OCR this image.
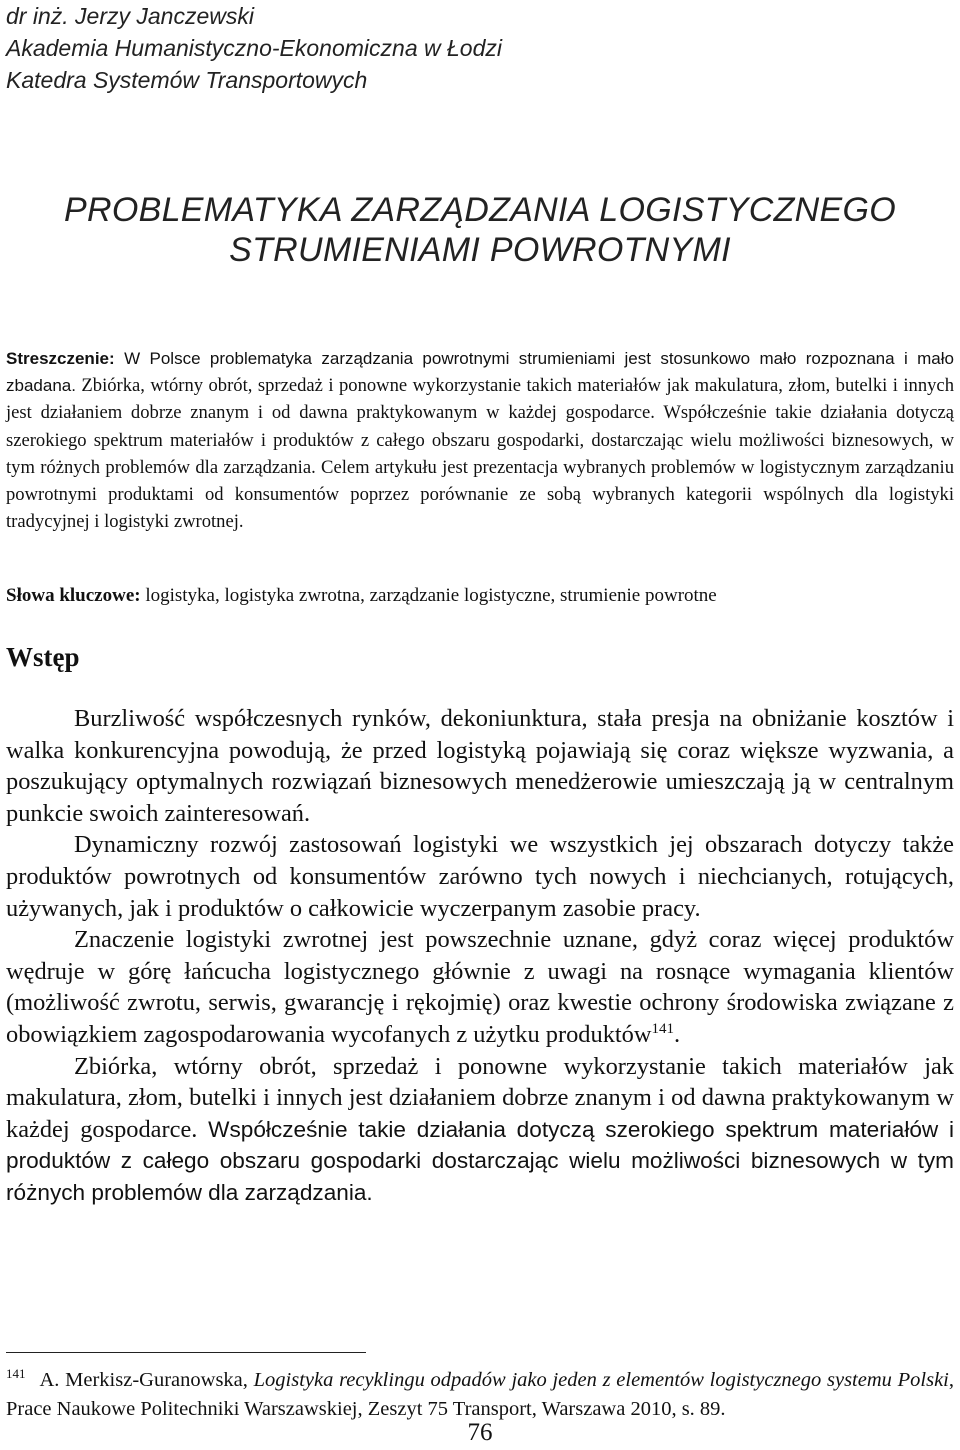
dr inż. Jerzy Janczewski
Akademia Humanistyczno-Ekonomiczna w Łodzi
Katedra Systemów Transportowych
PROBLEMATYKA ZARZĄDZANIA LOGISTYCZNEGO
STRUMIENIAMI POWROTNYMI
Streszczenie: W Polsce problematyka zarządzania powrotnymi strumieniami jest stosunkowo mało rozpoznana i mało zbadana. Zbiórka, wtórny obrót, sprzedaż i ponowne wykorzystanie takich materiałów jak makulatura, złom, butelki i innych jest działaniem dobrze znanym i od dawna praktykowanym w każdej gospodarce. Współcześnie takie działania dotyczą szerokiego spektrum materiałów i produktów z całego obszaru gospodarki, dostarczając wielu możliwości biznesowych, w tym różnych problemów dla zarządzania. Celem artykułu jest prezentacja wybranych problemów w logistycznym zarządzaniu powrotnymi produktami od konsumentów poprzez porównanie ze sobą wybranych kategorii wspólnych dla logistyki tradycyjnej i logistyki zwrotnej.
Słowa kluczowe: logistyka, logistyka zwrotna, zarządzanie logistyczne, strumienie powrotne
Wstęp

Burzliwość współczesnych rynków, dekoniunktura, stała presja na obniżanie kosztów i walka konkurencyjna powodują, że przed logistyką pojawiają się coraz większe wyzwania, a poszukujący optymalnych rozwiązań biznesowych menedżerowie umieszczają ją w centralnym punkcie swoich zainteresowań.

Dynamiczny rozwój zastosowań logistyki we wszystkich jej obszarach dotyczy także produktów powrotnych od konsumentów zarówno tych nowych i niechcianych, rotujących, używanych, jak i produktów o całkowicie wyczerpanym zasobie pracy.

Znaczenie logistyki zwrotnej jest powszechnie uznane, gdyż coraz więcej produktów wędruje w górę łańcucha logistycznego głównie z uwagi na rosnące wymagania klientów (możliwość zwrotu, serwis, gwarancję i rękojmię) oraz kwestie ochrony środowiska związane z obowiązkiem zagospodarowania wycofanych z użytku produktów$^{141}$.

Zbiórka, wtórny obrót, sprzedaż i ponowne wykorzystanie takich materiałów jak makulatura, złom, butelki i innych jest działaniem dobrze znanym i od dawna praktykowanym w każdej gospodarce. Współcześnie takie działania dotyczą szerokiego spektrum materiałów i produktów z całego obszaru gospodarki dostarczając wielu możliwości biznesowych w tym różnych problemów dla zarządzania.

$^{141}$ A. Merkisz-Guranowska, Logistyka recyklingu odpadów jako jeden z elementów logistycznego systemu Polski, Prace Naukowe Politechniki Warszawskiej, Zeszyt 75 Transport, Warszawa 2010, s. 89.
76
